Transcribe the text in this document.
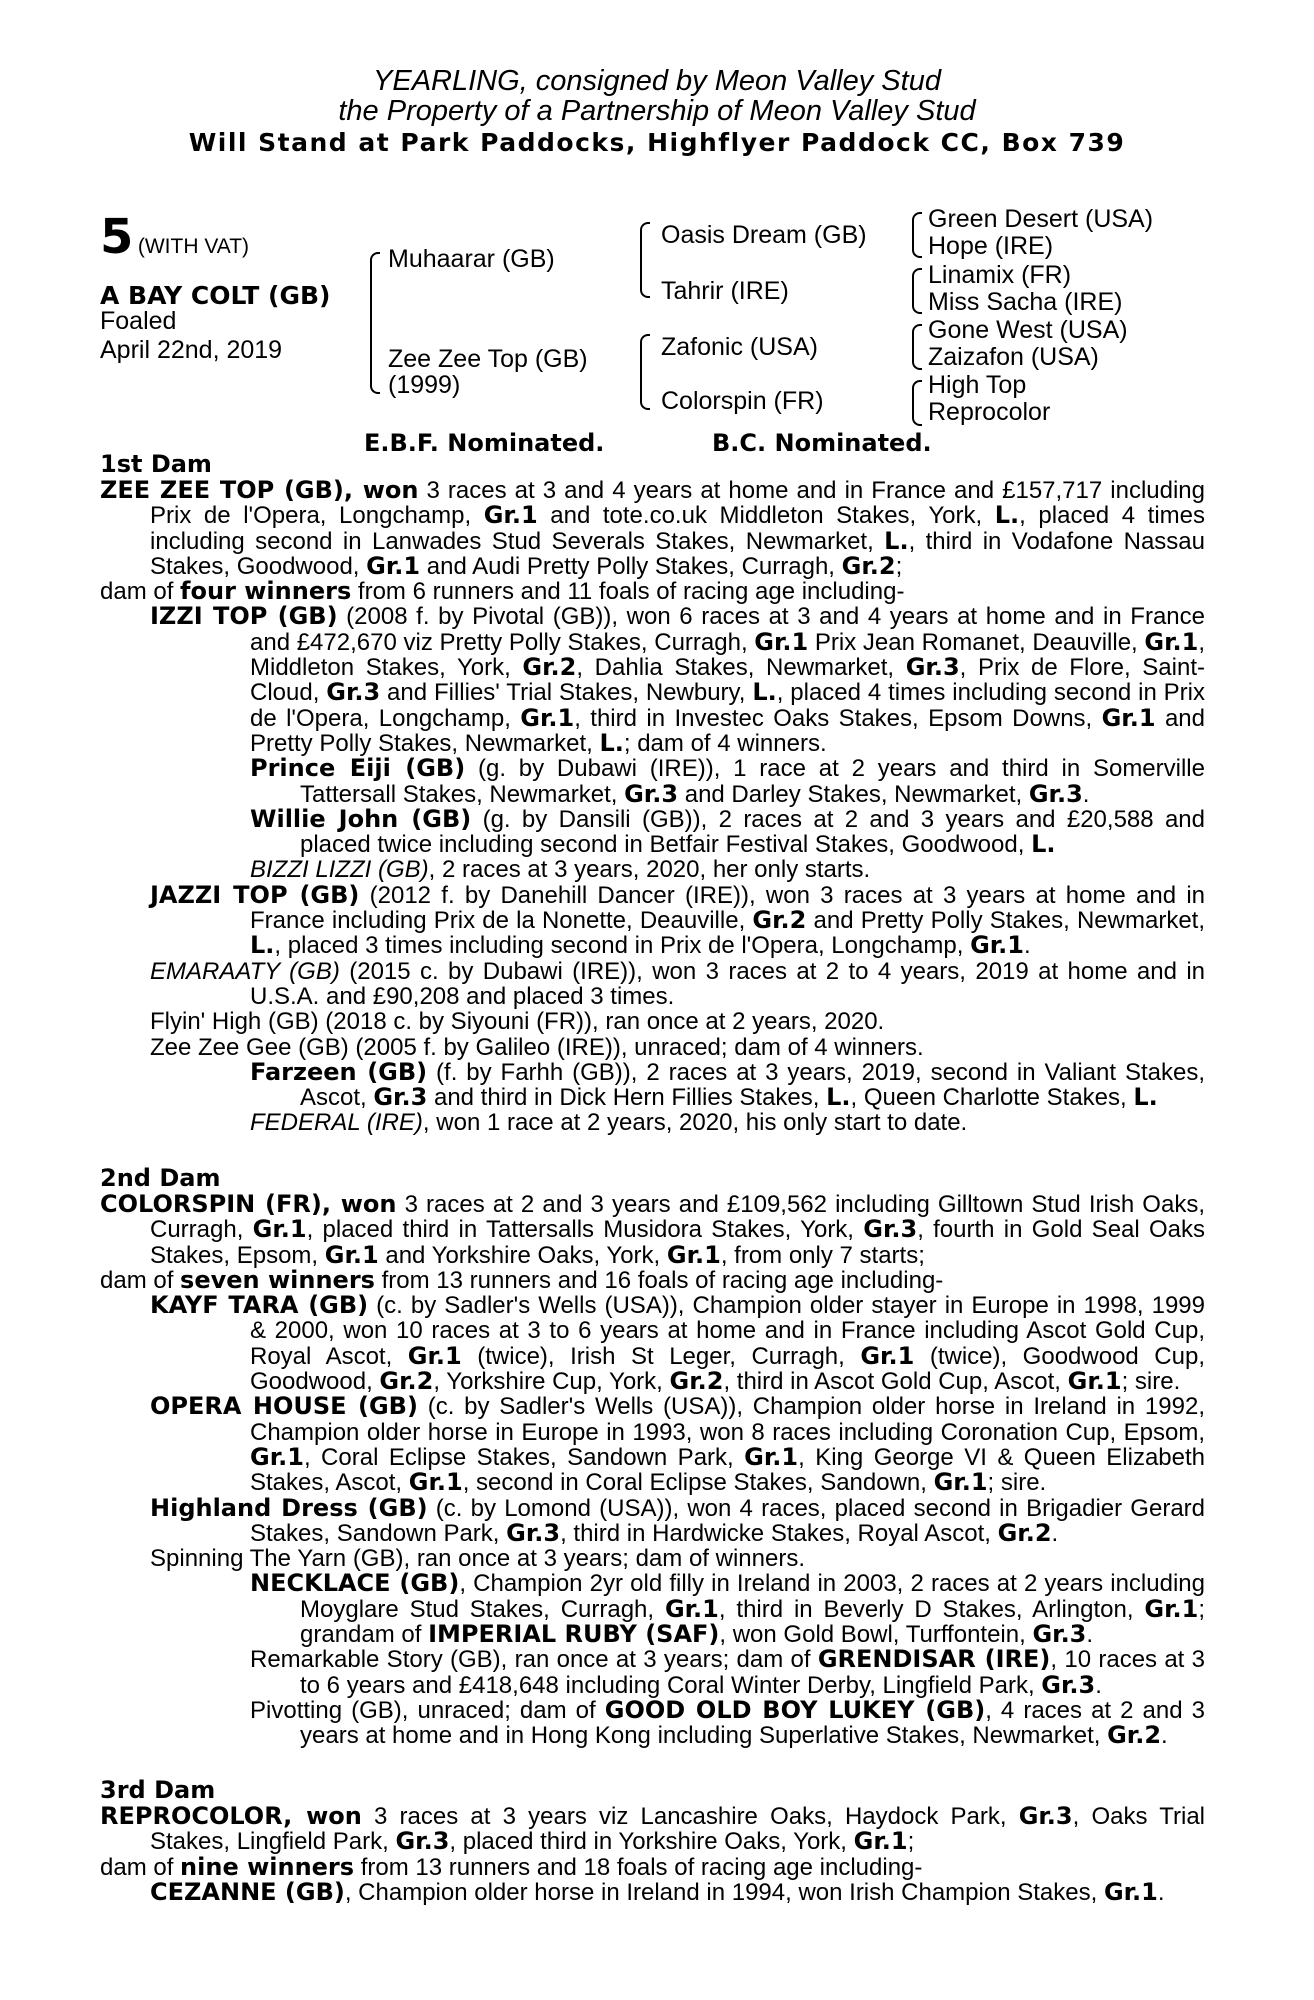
YEARLING, consigned by Meon Valley Stud
the Property of a Partnership of Meon Valley Stud
Will Stand at Park Paddocks, Highflyer Paddock CC, Box 739
5 (WITH VAT)
A BAY COLT (GB)
Foaled
April 22nd, 2019
Muhaarar (GB)
Zee Zee Top (GB)
(1999)
Oasis Dream (GB)
Tahrir (IRE)
Zafonic (USA)
Colorspin (FR)
Green Desert (USA)
Hope (IRE)
Linamix (FR)
Miss Sacha (IRE)
Gone West (USA)
Zaizafon (USA)
High Top
Reprocolor
E.B.F. Nominated.	B.C. Nominated.
1st Dam

ZEE ZEE TOP (GB), won 3 races at 3 and 4 years at home and in France and £157,717 including Prix de l'Opera, Longchamp, Gr.1 and tote.co.uk Middleton Stakes, York, L., placed 4 times including second in Lanwades Stud Severals Stakes, Newmarket, L., third in Vodafone Nassau Stakes, Goodwood, Gr.1 and Audi Pretty Polly Stakes, Curragh, Gr.2;

dam of four winners from 6 runners and 11 foals of racing age including-

IZZI TOP (GB) (2008 f. by Pivotal (GB)), won 6 races at 3 and 4 years at home and in France and £472,670 viz Pretty Polly Stakes, Curragh, Gr.1 Prix Jean Romanet, Deauville, Gr.1, Middleton Stakes, York, Gr.2, Dahlia Stakes, Newmarket, Gr.3, Prix de Flore, Saint-Cloud, Gr.3 and Fillies' Trial Stakes, Newbury, L., placed 4 times including second in Prix de l'Opera, Longchamp, Gr.1, third in Investec Oaks Stakes, Epsom Downs, Gr.1 and Pretty Polly Stakes, Newmarket, L.; dam of 4 winners.

Prince Eiji (GB) (g. by Dubawi (IRE)), 1 race at 2 years and third in Somerville Tattersall Stakes, Newmarket, Gr.3 and Darley Stakes, Newmarket, Gr.3.

Willie John (GB) (g. by Dansili (GB)), 2 races at 2 and 3 years and £20,588 and placed twice including second in Betfair Festival Stakes, Goodwood, L.

BIZZI LIZZI (GB), 2 races at 3 years, 2020, her only starts.

JAZZI TOP (GB) (2012 f. by Danehill Dancer (IRE)), won 3 races at 3 years at home and in France including Prix de la Nonette, Deauville, Gr.2 and Pretty Polly Stakes, Newmarket, L., placed 3 times including second in Prix de l'Opera, Longchamp, Gr.1.

EMARAATY (GB) (2015 c. by Dubawi (IRE)), won 3 races at 2 to 4 years, 2019 at home and in U.S.A. and £90,208 and placed 3 times.

Flyin' High (GB) (2018 c. by Siyouni (FR)), ran once at 2 years, 2020.

Zee Zee Gee (GB) (2005 f. by Galileo (IRE)), unraced; dam of 4 winners.

Farzeen (GB) (f. by Farhh (GB)), 2 races at 3 years, 2019, second in Valiant Stakes, Ascot, Gr.3 and third in Dick Hern Fillies Stakes, L., Queen Charlotte Stakes, L.

FEDERAL (IRE), won 1 race at 2 years, 2020, his only start to date.

2nd Dam

COLORSPIN (FR), won 3 races at 2 and 3 years and £109,562 including Gilltown Stud Irish Oaks, Curragh, Gr.1, placed third in Tattersalls Musidora Stakes, York, Gr.3, fourth in Gold Seal Oaks Stakes, Epsom, Gr.1 and Yorkshire Oaks, York, Gr.1, from only 7 starts;

dam of seven winners from 13 runners and 16 foals of racing age including-

KAYF TARA (GB) (c. by Sadler's Wells (USA)), Champion older stayer in Europe in 1998, 1999 & 2000, won 10 races at 3 to 6 years at home and in France including Ascot Gold Cup, Royal Ascot, Gr.1 (twice), Irish St Leger, Curragh, Gr.1 (twice), Goodwood Cup, Goodwood, Gr.2, Yorkshire Cup, York, Gr.2, third in Ascot Gold Cup, Ascot, Gr.1; sire.

OPERA HOUSE (GB) (c. by Sadler's Wells (USA)), Champion older horse in Ireland in 1992, Champion older horse in Europe in 1993, won 8 races including Coronation Cup, Epsom, Gr.1, Coral Eclipse Stakes, Sandown Park, Gr.1, King George VI & Queen Elizabeth Stakes, Ascot, Gr.1, second in Coral Eclipse Stakes, Sandown, Gr.1; sire.

Highland Dress (GB) (c. by Lomond (USA)), won 4 races, placed second in Brigadier Gerard Stakes, Sandown Park, Gr.3, third in Hardwicke Stakes, Royal Ascot, Gr.2.

Spinning The Yarn (GB), ran once at 3 years; dam of winners.

NECKLACE (GB), Champion 2yr old filly in Ireland in 2003, 2 races at 2 years including Moyglare Stud Stakes, Curragh, Gr.1, third in Beverly D Stakes, Arlington, Gr.1; grandam of IMPERIAL RUBY (SAF), won Gold Bowl, Turffontein, Gr.3.

Remarkable Story (GB), ran once at 3 years; dam of GRENDISAR (IRE), 10 races at 3 to 6 years and £418,648 including Coral Winter Derby, Lingfield Park, Gr.3.

Pivotting (GB), unraced; dam of GOOD OLD BOY LUKEY (GB), 4 races at 2 and 3 years at home and in Hong Kong including Superlative Stakes, Newmarket, Gr.2.

3rd Dam

REPROCOLOR, won 3 races at 3 years viz Lancashire Oaks, Haydock Park, Gr.3, Oaks Trial Stakes, Lingfield Park, Gr.3, placed third in Yorkshire Oaks, York, Gr.1;

dam of nine winners from 13 runners and 18 foals of racing age including-

CEZANNE (GB), Champion older horse in Ireland in 1994, won Irish Champion Stakes, Gr.1.
